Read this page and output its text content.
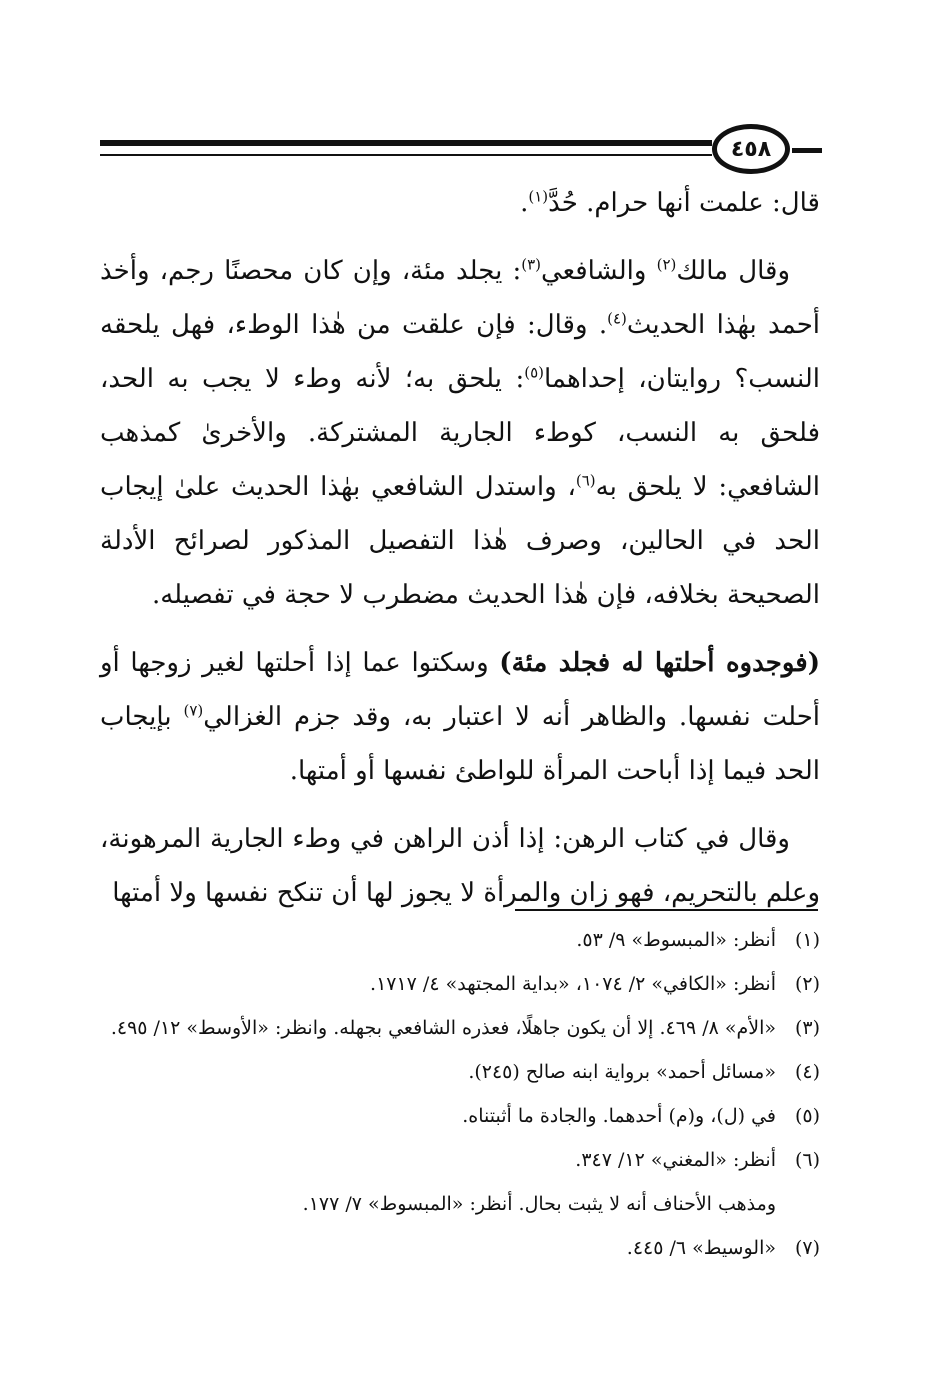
٤٥٨

قال: علمت أنها حرام. حُدَّ$^{(١)}$.

وقال مالك$^{(٢)}$ والشافعي$^{(٣)}$: يجلد مئة، وإن كان محصنًا رجم، وأخذ أحمد بهٰذا الحديث$^{(٤)}$. وقال: فإن علقت من هٰذا الوطء، فهل يلحقه النسب؟ روايتان، إحداهما$^{(٥)}$: يلحق به؛ لأنه وطء لا يجب به الحد، فلحق به النسب، كوطء الجارية المشتركة. والأخرىٰ كمذهب الشافعي: لا يلحق به$^{(٦)}$، واستدل الشافعي بهٰذا الحديث علىٰ إيجاب الحد في الحالين، وصرف هٰذا التفصيل المذكور لصرائح الأدلة الصحيحة بخلافه، فإن هٰذا الحديث مضطرب لا حجة في تفصيله.

(فوجدوه أحلتها له فجلد مئة) وسكتوا عما إذا أحلتها لغير زوجها أو أحلت نفسها. والظاهر أنه لا اعتبار به، وقد جزم الغزالي$^{(٧)}$ بإيجاب الحد فيما إذا أباحت المرأة للواطئ نفسها أو أمتها.

وقال في كتاب الرهن: إذا أذن الراهن في وطء الجارية المرهونة، وعلم بالتحريم، فهو زان والمرأة لا يجوز لها أن تنكح نفسها ولا أمتها

(١)
أنظر: «المبسوط» ٩/ ٥٣.
(٢)
أنظر: «الكافي» ٢/ ١٠٧٤، «بداية المجتهد» ٤/ ١٧١٧.
(٣)
«الأم» ٨/ ٤٦٩. إلا أن يكون جاهلًا، فعذره الشافعي بجهله. وانظر: «الأوسط» ١٢/ ٤٩٥.
(٤)
«مسائل أحمد» برواية ابنه صالح (٢٤٥).
(٥)
في (ل)، و(م) أحدهما. والجادة ما أثبتناه.
(٦)
أنظر: «المغني» ١٢/ ٣٤٧.
ومذهب الأحناف أنه لا يثبت بحال. أنظر: «المبسوط» ٧/ ١٧٧.
(٧)
«الوسيط» ٦/ ٤٤٥.
